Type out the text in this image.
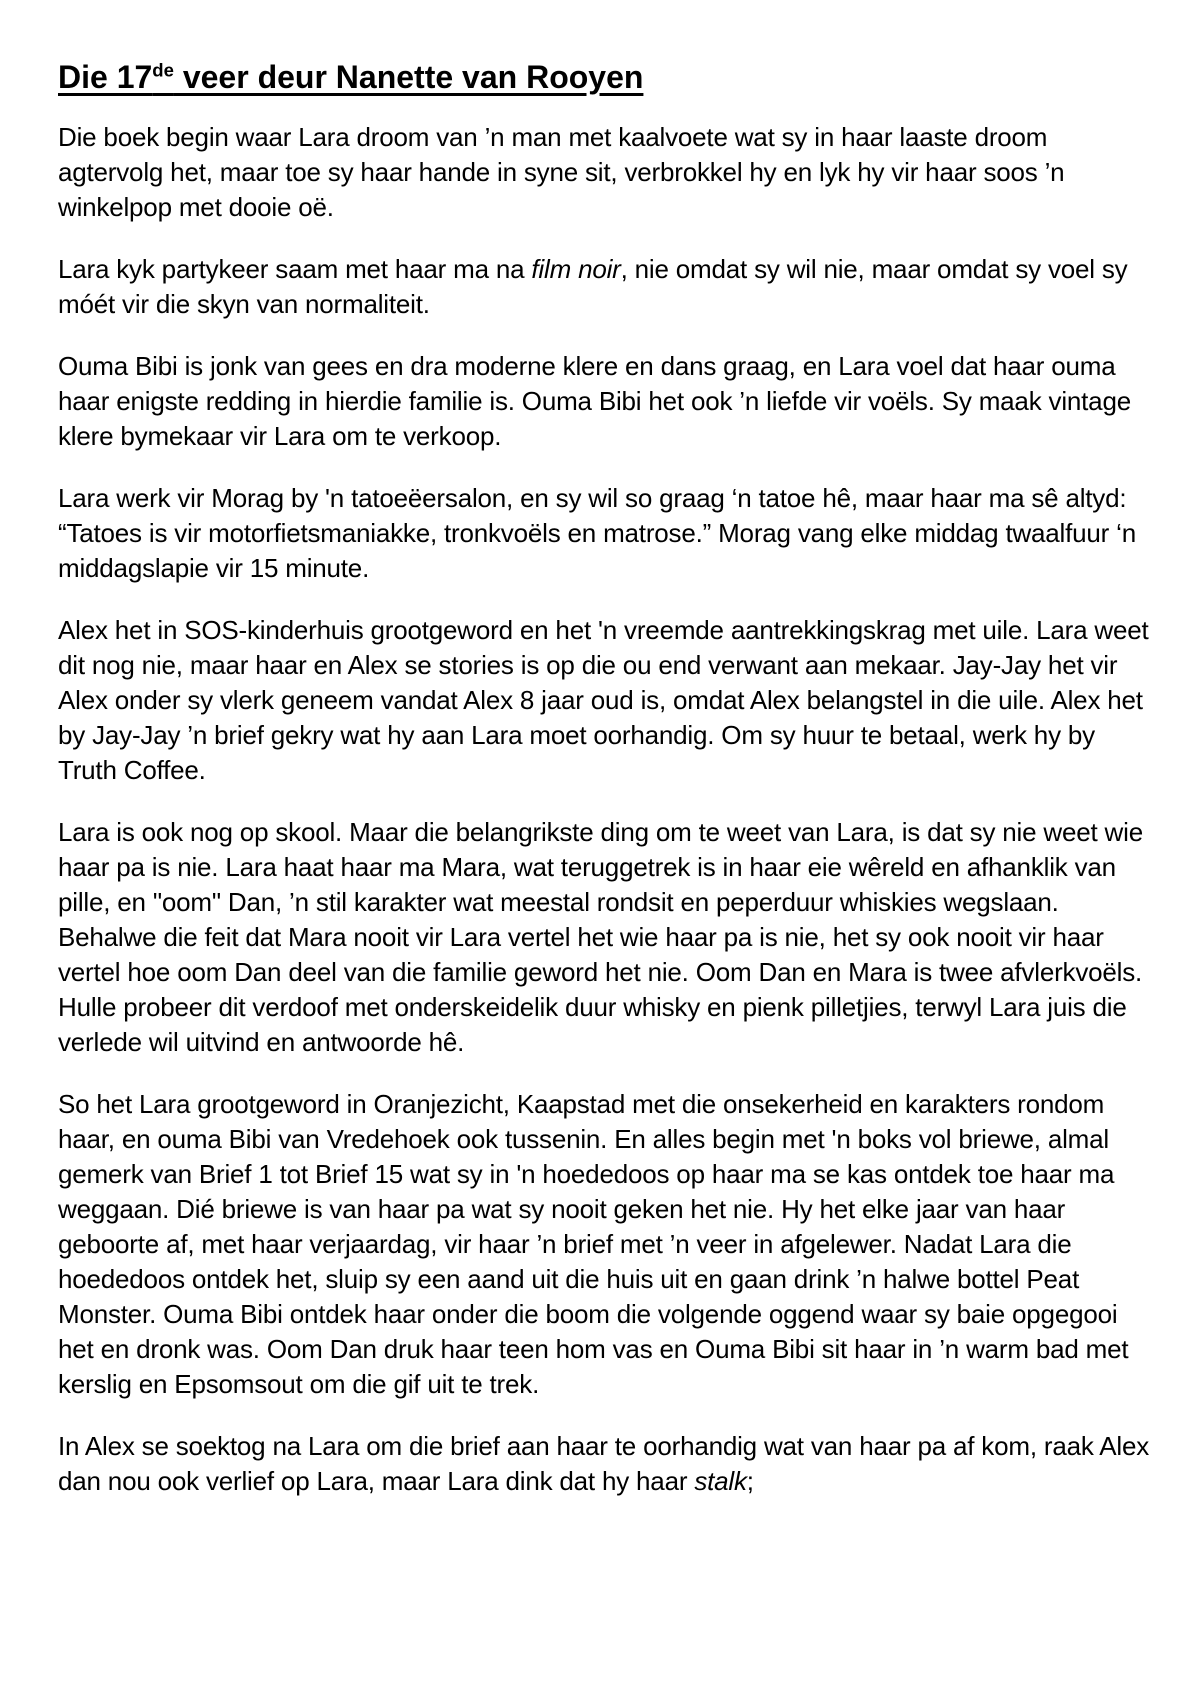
Die 17de veer deur Nanette van Rooyen

Die boek begin waar Lara droom van ’n man met kaalvoete wat sy in haar laaste droom agtervolg het, maar toe sy haar hande in syne sit, verbrokkel hy en lyk hy vir haar soos ’n winkelpop met dooie oë.

Lara kyk partykeer saam met haar ma na film noir, nie omdat sy wil nie, maar omdat sy voel sy móét vir die skyn van normaliteit.

Ouma Bibi is jonk van gees en dra moderne klere en dans graag, en Lara voel dat haar ouma haar enigste redding in hierdie familie is. Ouma Bibi het ook ’n liefde vir voëls. Sy maak vintage klere bymekaar vir Lara om te verkoop.

Lara werk vir Morag by 'n tatoeëersalon, en sy wil so graag ‘n tatoe hê, maar haar ma sê altyd: “Tatoes is vir motorfietsmaniakke, tronkvoëls en matrose.” Morag vang elke middag twaalfuur ‘n middagslapie vir 15 minute.

Alex het in SOS-kinderhuis grootgeword en het 'n vreemde aantrekkingskrag met uile. Lara weet dit nog nie, maar haar en Alex se stories is op die ou end verwant aan mekaar. Jay-Jay het vir Alex onder sy vlerk geneem vandat Alex 8 jaar oud is, omdat Alex belangstel in die uile. Alex het by Jay-Jay ’n brief gekry wat hy aan Lara moet oorhandig. Om sy huur te betaal, werk hy by Truth Coffee.

Lara is ook nog op skool. Maar die belangrikste ding om te weet van Lara, is dat sy nie weet wie haar pa is nie. Lara haat haar ma Mara, wat teruggetrek is in haar eie wêreld en afhanklik van pille, en "oom" Dan, ’n stil karakter wat meestal rondsit en peperduur whiskies wegslaan. Behalwe die feit dat Mara nooit vir Lara vertel het wie haar pa is nie, het sy ook nooit vir haar vertel hoe oom Dan deel van die familie geword het nie. Oom Dan en Mara is twee afvlerkvoëls. Hulle probeer dit verdoof met onderskeidelik duur whisky en pienk pilletjies, terwyl Lara juis die verlede wil uitvind en antwoorde hê.

So het Lara grootgeword in Oranjezicht, Kaapstad met die onsekerheid en karakters rondom haar, en ouma Bibi van Vredehoek ook tussenin. En alles begin met 'n boks vol briewe, almal gemerk van Brief 1 tot Brief 15 wat sy in 'n hoededoos op haar ma se kas ontdek toe haar ma weggaan. Dié briewe is van haar pa wat sy nooit geken het nie. Hy het elke jaar van haar geboorte af, met haar verjaardag, vir haar ’n brief met ’n veer in afgelewer. Nadat Lara die hoededoos ontdek het, sluip sy een aand uit die huis uit en gaan drink ’n halwe bottel Peat Monster. Ouma Bibi ontdek haar onder die boom die volgende oggend waar sy baie opgegooi het en dronk was. Oom Dan druk haar teen hom vas en Ouma Bibi sit haar in ’n warm bad met kerslig en Epsomsout om die gif uit te trek.

In Alex se soektog na Lara om die brief aan haar te oorhandig wat van haar pa af kom, raak Alex dan nou ook verlief op Lara, maar Lara dink dat hy haar stalk;
